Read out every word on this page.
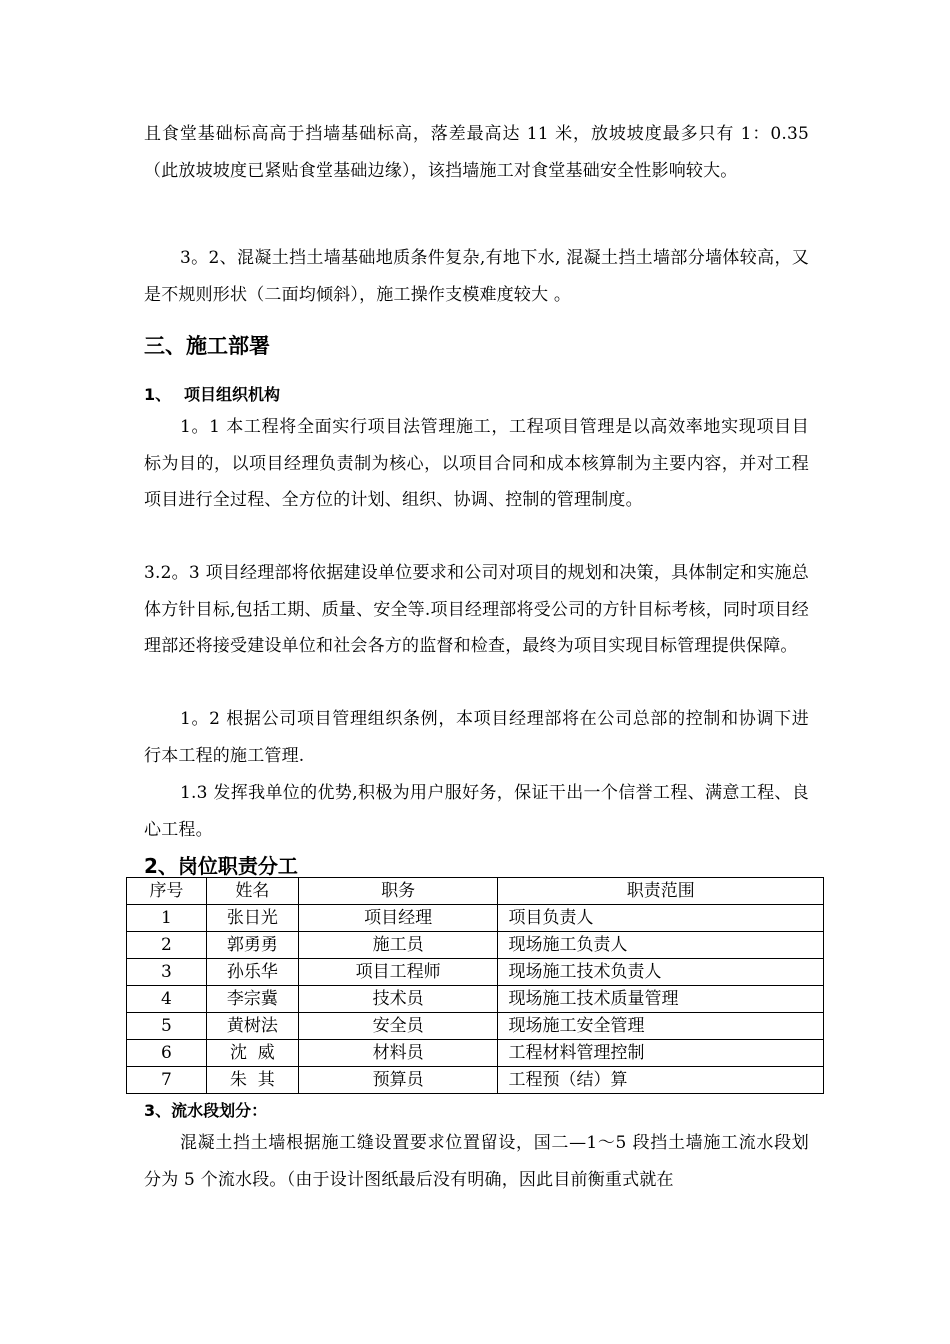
且食堂基础标高高于挡墙基础标高，落差最高达 11 米，放坡坡度最多只有 1：0.35（此放坡坡度已紧贴食堂基础边缘），该挡墙施工对食堂基础安全性影响较大。
3。2、混凝土挡土墙基础地质条件复杂,有地下水, 混凝土挡土墙部分墙体较高，又是不规则形状（二面均倾斜），施工操作支模难度较大 。
三、施工部署
1、 项目组织机构
1。1 本工程将全面实行项目法管理施工，工程项目管理是以高效率地实现项目目标为目的，以项目经理负责制为核心，以项目合同和成本核算制为主要内容，并对工程项目进行全过程、全方位的计划、组织、协调、控制的管理制度。
3.2。3 项目经理部将依据建设单位要求和公司对项目的规划和决策，具体制定和实施总体方针目标,包括工期、质量、安全等.项目经理部将受公司的方针目标考核，同时项目经理部还将接受建设单位和社会各方的监督和检查，最终为项目实现目标管理提供保障。
1。2 根据公司项目管理组织条例，本项目经理部将在公司总部的控制和协调下进行本工程的施工管理.
1.3 发挥我单位的优势,积极为用户服好务，保证干出一个信誉工程、满意工程、良心工程。
2、岗位职责分工
序号	姓名	职务	职责范围
1	张日光	项目经理	项目负责人
2	郭勇勇	施工员	现场施工负责人
3	孙乐华	项目工程师	现场施工技术负责人
4	李宗冀	技术员	现场施工技术质量管理
5	黄树法	安全员	现场施工安全管理
6	沈  威	材料员	工程材料管理控制
7	朱  其	预算员	工程预（结）算
3、流水段划分：
混凝土挡土墙根据施工缝设置要求位置留设，国二—1～5 段挡土墙施工流水段划分为 5 个流水段。（由于设计图纸最后没有明确，因此目前衡重式就在
